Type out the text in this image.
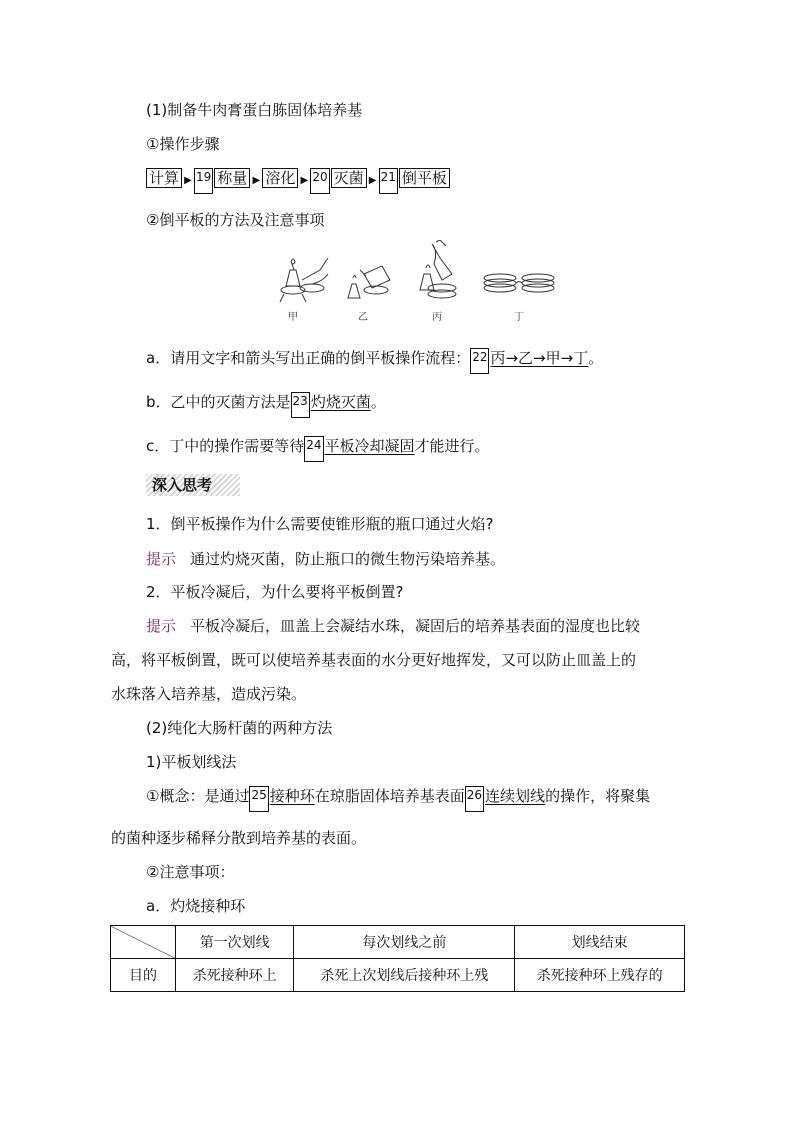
(1)制备牛肉膏蛋白胨固体培养基
①操作步骤
计算 ▶ 19 称量 ▶ 溶化 ▶ 20 灭菌 ▶ 21 倒平板
②倒平板的方法及注意事项
甲	乙	丙	丁
a．请用文字和箭头写出正确的倒平板操作流程： 22 丙→乙→甲→丁。
b．乙中的灭菌方法是 23 灼烧灭菌。
c．丁中的操作需要等待 24 平板冷却凝固才能进行。
深入思考
1．倒平板操作为什么需要使锥形瓶的瓶口通过火焰?
提示 通过灼烧灭菌，防止瓶口的微生物污染培养基。
2．平板冷凝后，为什么要将平板倒置?
提示 平板冷凝后，皿盖上会凝结水珠，凝固后的培养基表面的湿度也比较
高，将平板倒置，既可以使培养基表面的水分更好地挥发，又可以防止皿盖上的
水珠落入培养基，造成污染。
(2)纯化大肠杆菌的两种方法
1)平板划线法
①概念：是通过 25 接种环在琼脂固体培养基表面 26 连续划线的操作，将聚集
的菌种逐步稀释分散到培养基的表面。
②注意事项：
a．灼烧接种环
	第一次划线	每次划线之前	划线结束
目的	杀死接种环上	杀死上次划线后接种环上残	杀死接种环上残存的
